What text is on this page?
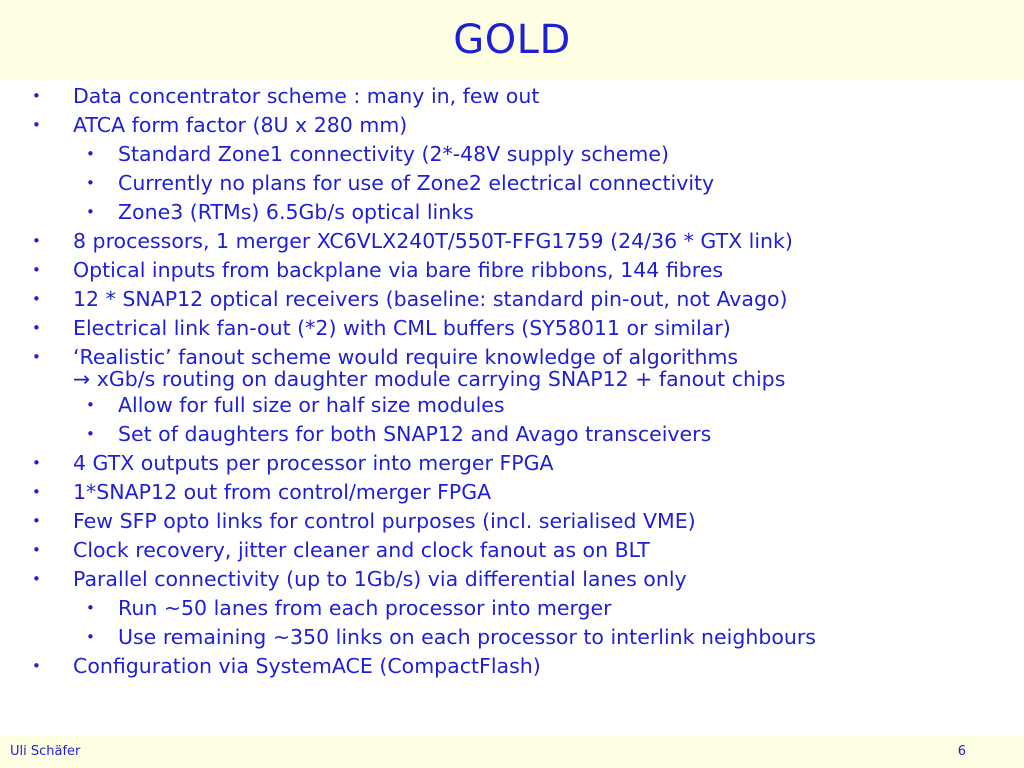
GOLD
• Data concentrator scheme : many in, few out
• ATCA form factor (8U x 280 mm)
• Standard Zone1 connectivity (2*-48V supply scheme)
• Currently no plans for use of Zone2 electrical connectivity
• Zone3 (RTMs) 6.5Gb/s optical links
• 8 processors, 1 merger XC6VLX240T/550T-FFG1759 (24/36 * GTX link)
• Optical inputs from backplane via bare fibre ribbons, 144 fibres
• 12 * SNAP12 optical receivers (baseline: standard pin-out, not Avago)
• Electrical link fan-out (*2) with CML buffers (SY58011 or similar)
• ‘Realistic’ fanout scheme would require knowledge of algorithms
→ xGb/s routing on daughter module carrying SNAP12 + fanout chips
• Allow for full size or half size modules
• Set of daughters for both SNAP12 and Avago transceivers
• 4 GTX outputs per processor into merger FPGA
• 1*SNAP12 out from control/merger FPGA
• Few SFP opto links for control purposes (incl. serialised VME)
• Clock recovery, jitter cleaner and clock fanout as on BLT
• Parallel connectivity (up to 1Gb/s) via differential lanes only
• Run ~50 lanes from each processor into merger
• Use remaining ~350 links on each processor to interlink neighbours
• Configuration via SystemACE (CompactFlash)
Uli Schäfer	6
